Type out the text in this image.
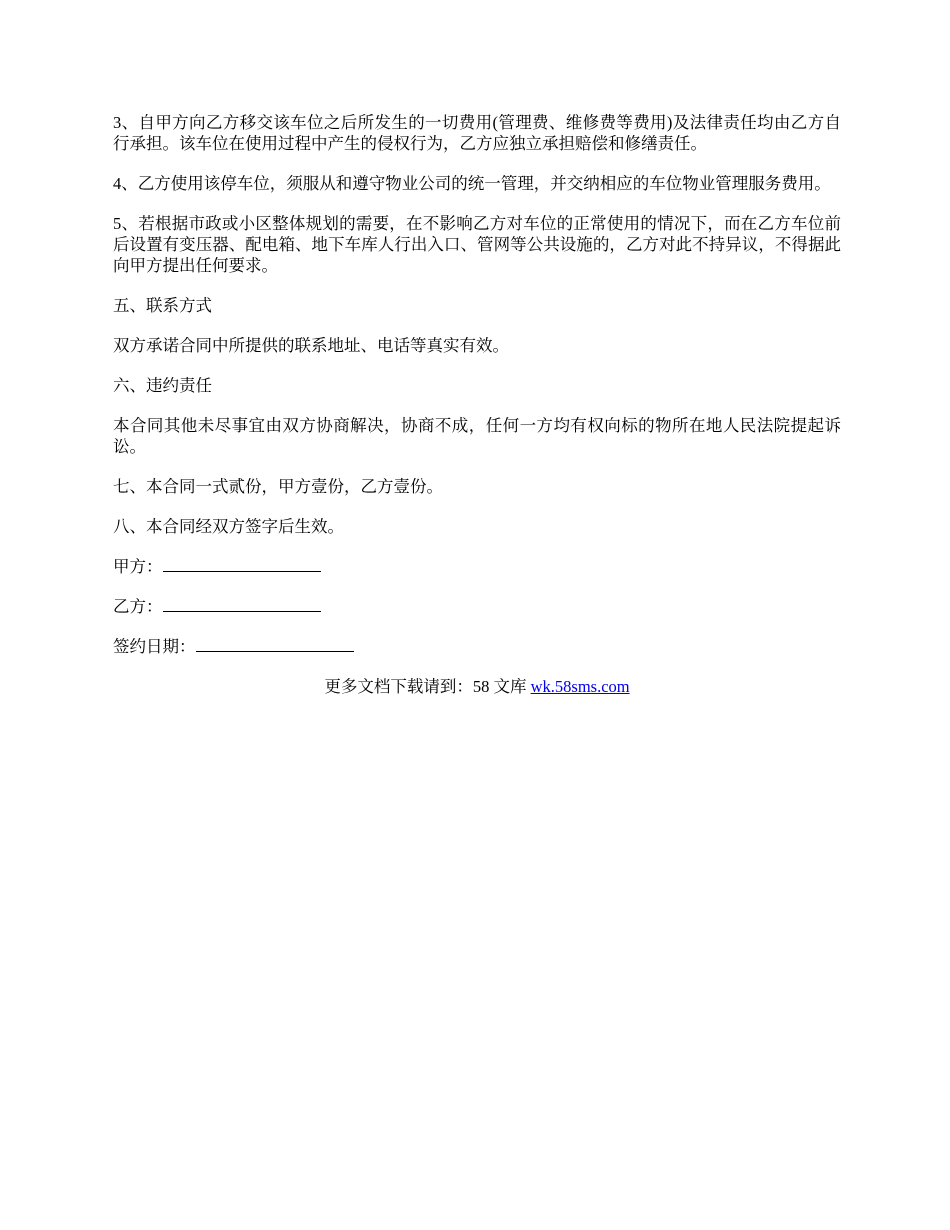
3、自甲方向乙方移交该车位之后所发生的一切费用(管理费、维修费等费用)及法律责任均由乙方自行承担。该车位在使用过程中产生的侵权行为，乙方应独立承担赔偿和修缮责任。

4、乙方使用该停车位，须服从和遵守物业公司的统一管理，并交纳相应的车位物业管理服务费用。

5、若根据市政或小区整体规划的需要，在不影响乙方对车位的正常使用的情况下，而在乙方车位前后设置有变压器、配电箱、地下车库人行出入口、管网等公共设施的，乙方对此不持异议，不得据此向甲方提出任何要求。

五、联系方式

双方承诺合同中所提供的联系地址、电话等真实有效。

六、违约责任

本合同其他未尽事宜由双方协商解决，协商不成，任何一方均有权向标的物所在地人民法院提起诉讼。

七、本合同一式贰份，甲方壹份，乙方壹份。

八、本合同经双方签字后生效。

甲方：

乙方：

签约日期：

更多文档下载请到：58 文库 wk.58sms.com
